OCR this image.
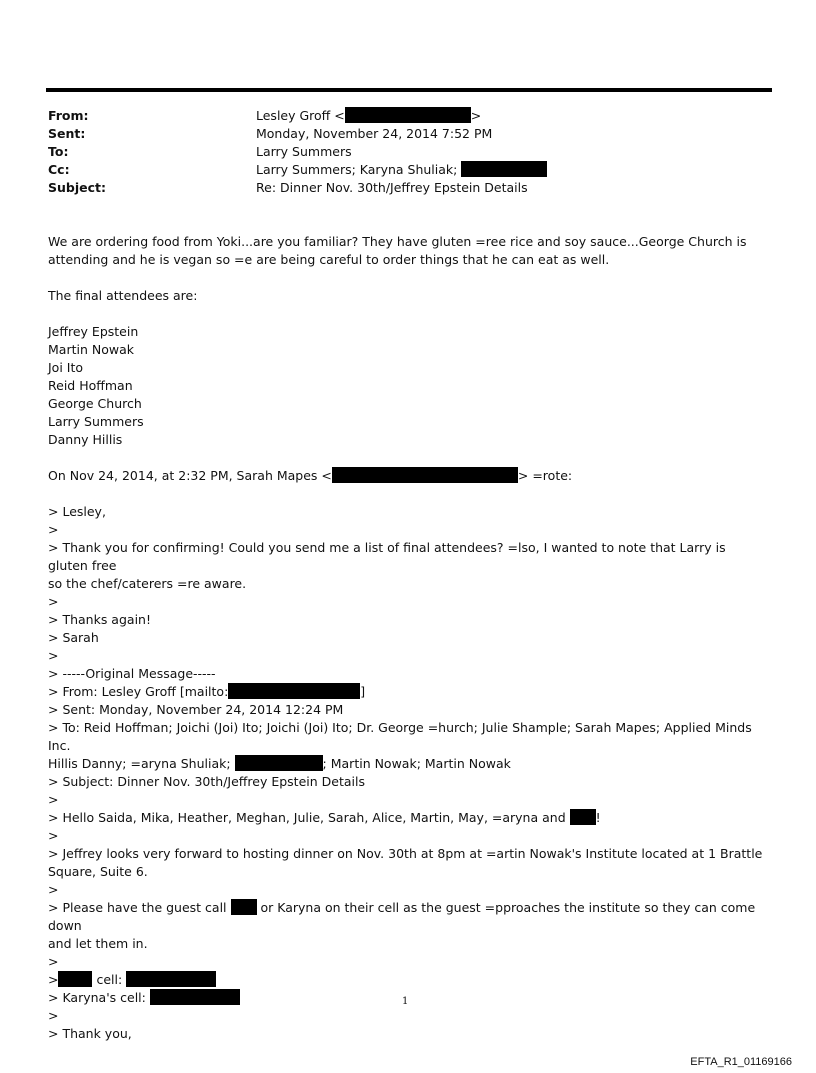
From:	Lesley Groff <	>
Sent:	Monday, November 24, 2014 7:52 PM
To:	Larry Summers
Cc:	Larry Summers; Karyna Shuliak;
Subject:	Re: Dinner Nov. 30th/Jeffrey Epstein Details

We are ordering food from Yoki...are you familiar? They have gluten =ree rice and soy sauce...George Church is

attending and he is vegan so =e are being careful to order things that he can eat as well.

The final attendees are:

Jeffrey Epstein

Martin Nowak

Joi Ito

Reid Hoffman

George Church

Larry Summers

Danny Hillis

On Nov 24, 2014, at 2:32 PM, Sarah Mapes <	> =rote:

> Lesley,

>

> Thank you for confirming! Could you send me a list of final attendees? =lso, I wanted to note that Larry is gluten free

so the chef/caterers =re aware.

>

> Thanks again!

> Sarah

>

> -----Original Message-----

> From: Lesley Groff [mailto:	]

> Sent: Monday, November 24, 2014 12:24 PM

> To: Reid Hoffman; Joichi (Joi) Ito; Joichi (Joi) Ito; Dr. George =hurch; Julie Shample; Sarah Mapes; Applied Minds Inc.

Hillis Danny; =aryna Shuliak;	; Martin Nowak; Martin Nowak

> Subject: Dinner Nov. 30th/Jeffrey Epstein Details

>

> Hello Saida, Mika, Heather, Meghan, Julie, Sarah, Alice, Martin, May, =aryna and !

>

> Jeffrey looks very forward to hosting dinner on Nov. 30th at 8pm at =artin Nowak's Institute located at 1 Brattle

Square, Suite 6.

>

> Please have the guest call	or Karyna on their cell as the guest =pproaches the institute so they can come down

and let them in.

>

>	cell:

> Karyna's cell:

>

> Thank you,

1
EFTA_R1_01169166
